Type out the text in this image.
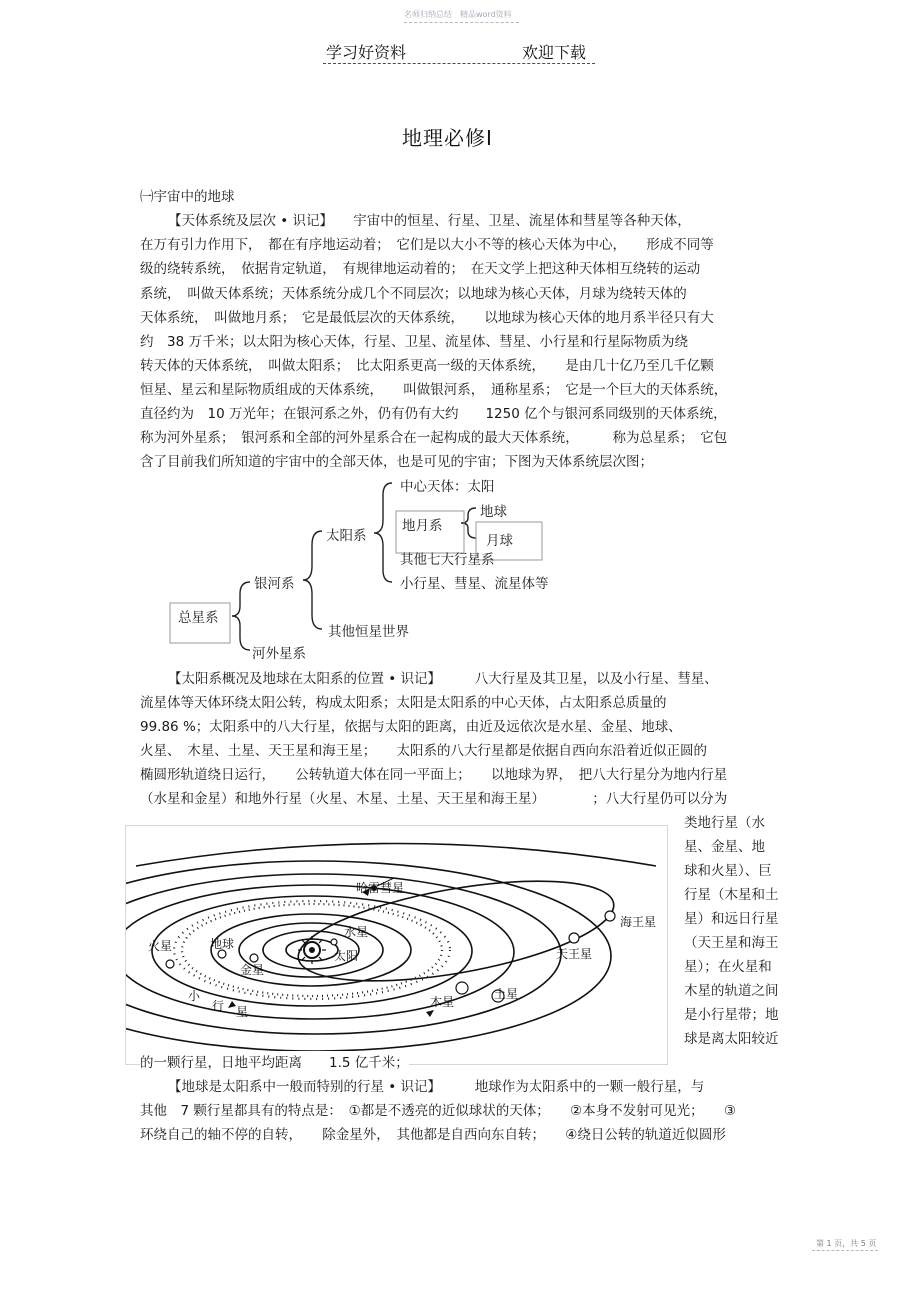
名师归纳总结 精品word资料
学习好资料	欢迎下载
地理必修Ⅰ
㈠宇宙中的地球
【天体系统及层次 • 识记】　　宇宙中的恒星、行星、卫星、流星体和彗星等各种天体，
在万有引力作用下，　都在有序地运动着；　它们是以大小不等的核心天体为中心，　　形成不同等
级的绕转系统，　依据肯定轨道，　有规律地运动着的；　在天文学上把这种天体相互绕转的运动
系统，　叫做天体系统；天体系统分成几个不同层次；以地球为核心天体，月球为绕转天体的
天体系统，　叫做地月系；　它是最低层次的天体系统，　　以地球为核心天体的地月系半径只有大
约　38 万千米；以太阳为核心天体，行星、卫星、流星体、彗星、小行星和行星际物质为绕
转天体的天体系统，　叫做太阳系；　比太阳系更高一级的天体系统，　　是由几十亿乃至几千亿颗
恒星、星云和星际物质组成的天体系统，　　叫做银河系，　通称星系；　它是一个巨大的天体系统，
直径约为　10 万光年；在银河系之外，仍有仍有大约　　1250 亿个与银河系同级别的天体系统，
称为河外星系；　银河系和全部的河外星系合在一起构成的最大天体系统，　　　称为总星系；　它包
含了目前我们所知道的宇宙中的全部天体，也是可见的宇宙；下图为天体系统层次图；
总星系
银河系
河外星系
太阳系
其他恒星世界
中心天体：太阳
地月系
地球
月球
其他七大行星系
小行星、彗星、流星体等
【太阳系概况及地球在太阳系的位置 • 识记】　　　八大行星及其卫星，以及小行星、彗星、
流星体等天体环绕太阳公转，构成太阳系；太阳是太阳系的中心天体，占太阳系总质量的
99.86 %；太阳系中的八大行星，依据与太阳的距离，由近及远依次是水星、金星、地球、
火星、　木星、土星、天王星和海王星；　　太阳系的八大行星都是依据自西向东沿着近似正圆的
椭圆形轨道绕日运行，　　公转轨道大体在同一平面上；　　以地球为界，　把八大行星分为地内行星
（水星和金星）和地外行星（火星、木星、土星、天王星和海王星）　　　　；八大行星仍可以分为
类地行星（水
星、金星、地
球和火星）、巨
行星（木星和土
星）和远日行星
（天王星和海王
星）；在火星和
木星的轨道之间
是小行星带；地
球是离太阳较近
哈雷彗星
水星
太阳
火星	地球
金星
木星
土星
天王星
海王星
小
行 星
的一颗行星，日地平均距离　　1.5 亿千米；
【地球是太阳系中一般而特别的行星 • 识记】　　　地球作为太阳系中的一颗一般行星，与
其他　7 颗行星都具有的特点是：　①都是不透亮的近似球状的天体；　　②本身不发射可见光；　　③
环绕自己的轴不停的自转，　　除金星外，　其他都是自西向东自转；　　④绕日公转的轨道近似圆形
第 1 页，共 5 页
